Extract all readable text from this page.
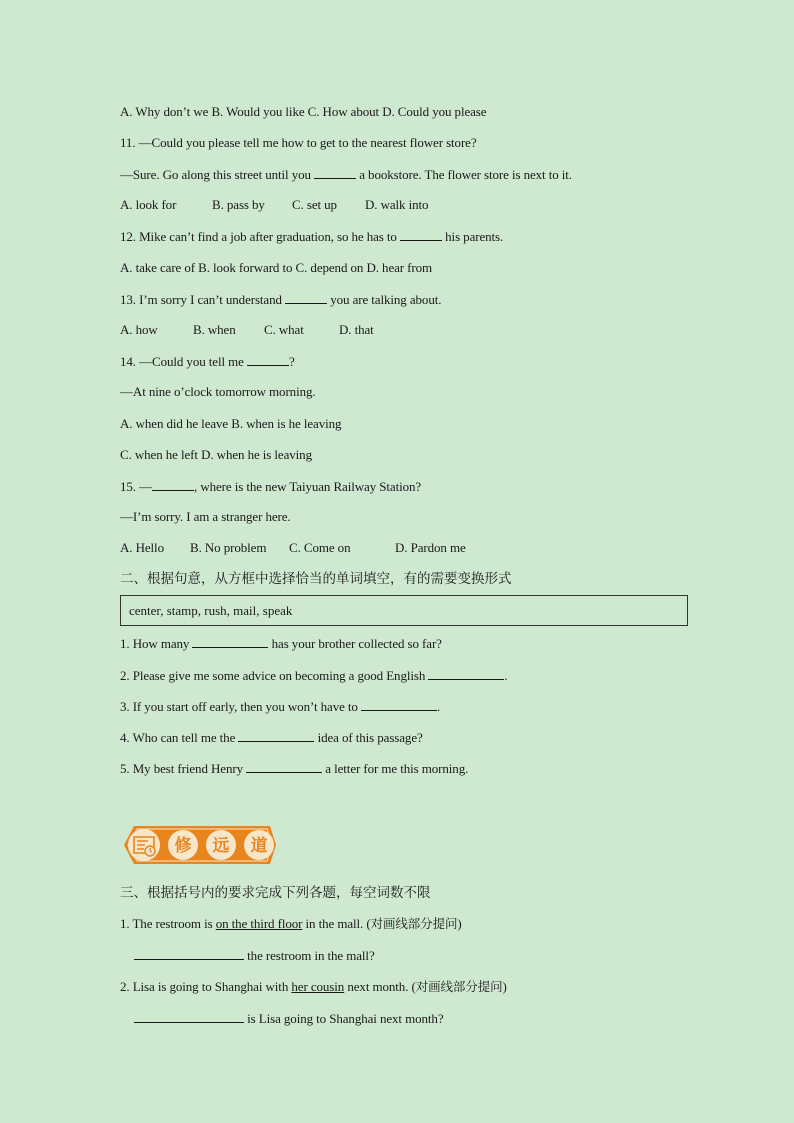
A. Why don’t we B. Would you like C. How about D. Could you please
11. —Could you please tell me how to get to the nearest flower store?
—Sure. Go along this street until you	a bookstore. The flower store is next to it.
A. look for	B. pass by C. set up D. walk into
12. Mike can’t find a job after graduation, so he has to	his parents.
A. take care of B. look forward to C. depend on D. hear from
13. I’m sorry I can’t understand	you are talking about.
A. how	B. when C. what	D. that
14. —Could you tell me	?
—At nine o’clock tomorrow morning.
A. when did he leave B. when is he leaving
C. when he left D. when he is leaving
15. —	, where is the new Taiyuan Railway Station?
—I’m sorry. I am a stranger here.
A. Hello B. No problem C. Come on	D. Pardon me
二、根据句意，从方框中选择恰当的单词填空，有的需要变换形式
center, stamp, rush, mail, speak
1. How many	has your brother collected so far?
2. Please give me some advice on becoming a good English	.
3. If you start off early, then you won’t have to	.
4. Who can tell me the	idea of this passage?
5. My best friend Henry	a letter for me this morning.
修 远 道
三、根据括号内的要求完成下列各题，每空词数不限
1. The restroom is on the third floor in the mall. (对画线部分提问)
the restroom in the mall?
2. Lisa is going to Shanghai with her cousin next month. (对画线部分提问)
is Lisa going to Shanghai next month?
